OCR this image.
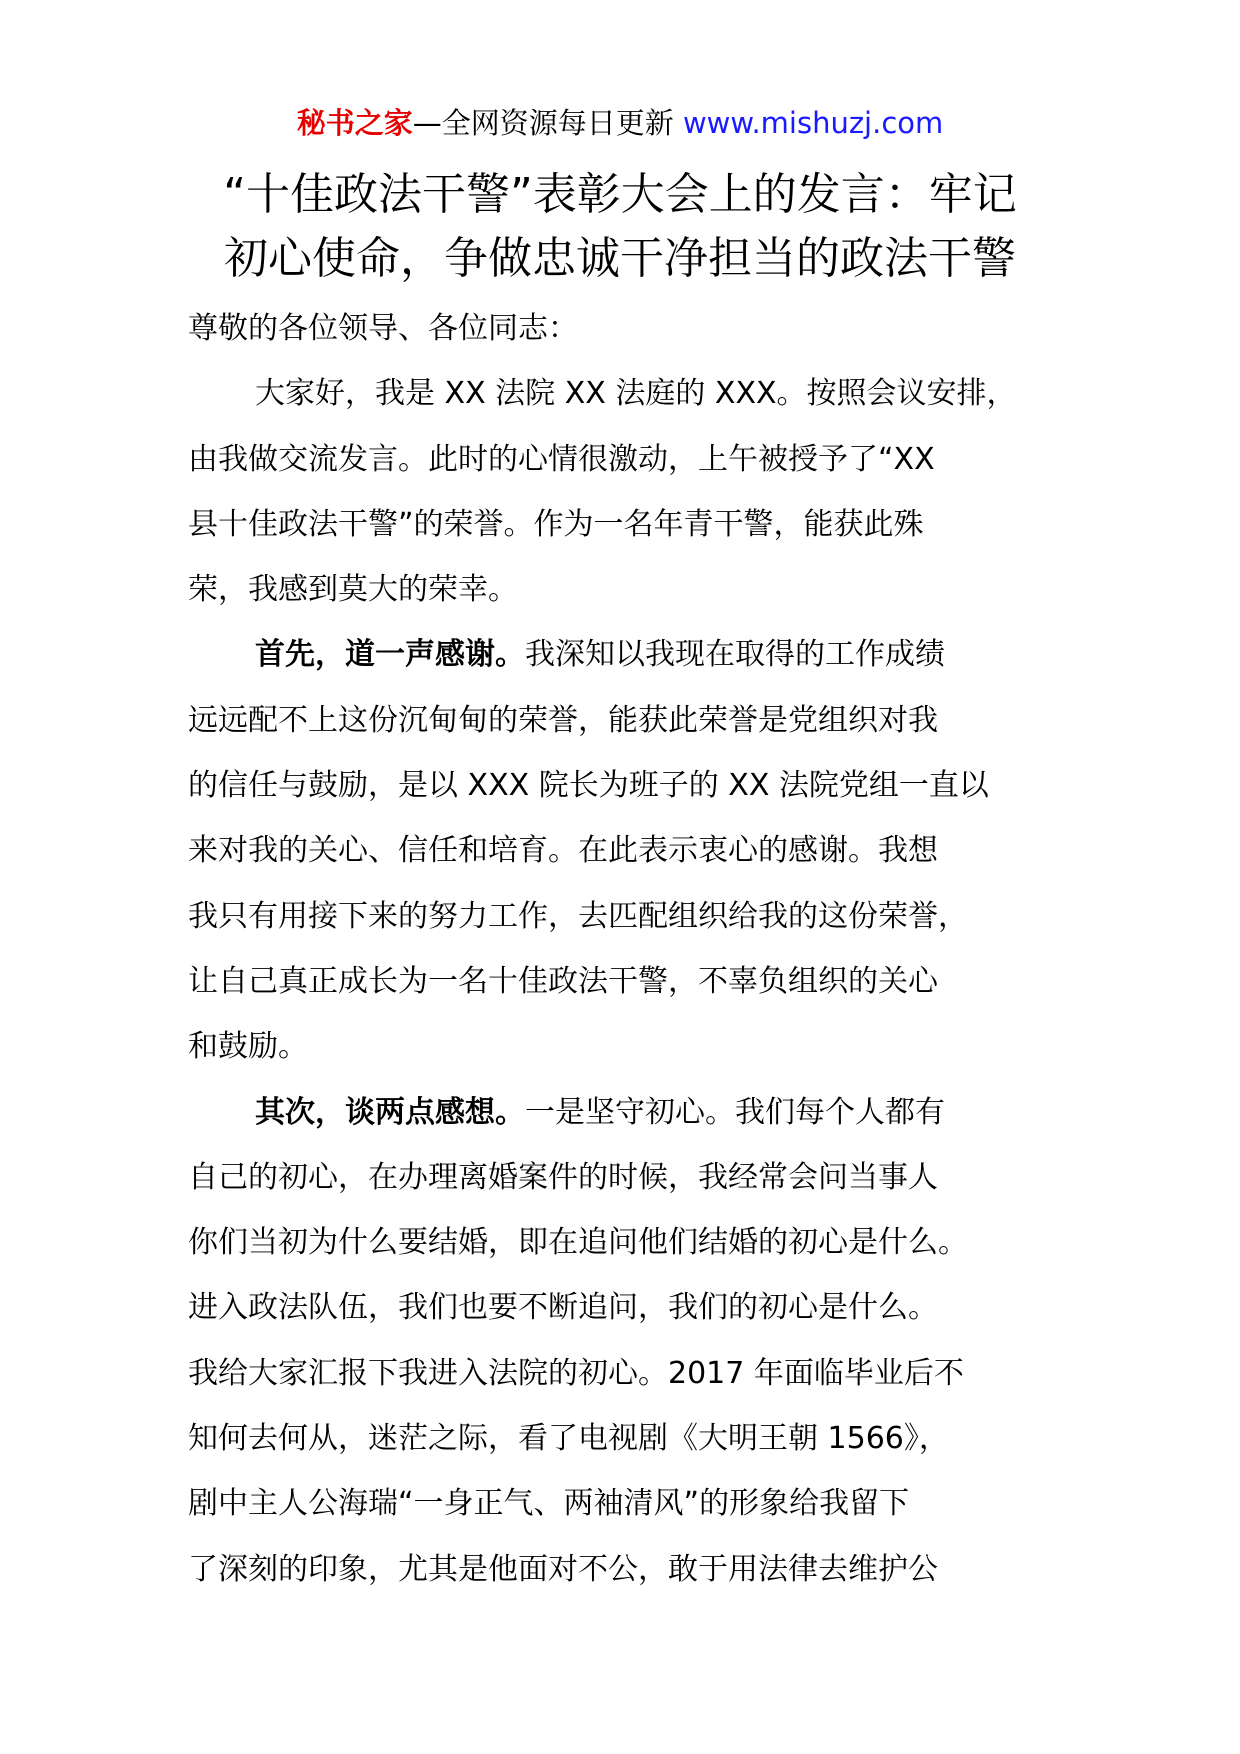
秘书之家—全网资源每日更新 www.mishuzj.com
“十佳政法干警”表彰大会上的发言：牢记
初心使命，争做忠诚干净担当的政法干警
尊敬的各位领导、各位同志：
大家好，我是 XX 法院 XX 法庭的 XXX。按照会议安排，
由我做交流发言。此时的心情很激动，上午被授予了“XX
县十佳政法干警”的荣誉。作为一名年青干警，能获此殊
荣，我感到莫大的荣幸。
首先，道一声感谢。我深知以我现在取得的工作成绩
远远配不上这份沉甸甸的荣誉，能获此荣誉是党组织对我
的信任与鼓励，是以 XXX 院长为班子的 XX 法院党组一直以
来对我的关心、信任和培育。在此表示衷心的感谢。我想
我只有用接下来的努力工作，去匹配组织给我的这份荣誉，
让自己真正成长为一名十佳政法干警，不辜负组织的关心
和鼓励。
其次，谈两点感想。一是坚守初心。我们每个人都有
自己的初心，在办理离婚案件的时候，我经常会问当事人
你们当初为什么要结婚，即在追问他们结婚的初心是什么。
进入政法队伍，我们也要不断追问，我们的初心是什么。
我给大家汇报下我进入法院的初心。2017 年面临毕业后不
知何去何从，迷茫之际，看了电视剧《大明王朝 1566》，
剧中主人公海瑞“一身正气、两袖清风”的形象给我留下
了深刻的印象，尤其是他面对不公，敢于用法律去维护公
